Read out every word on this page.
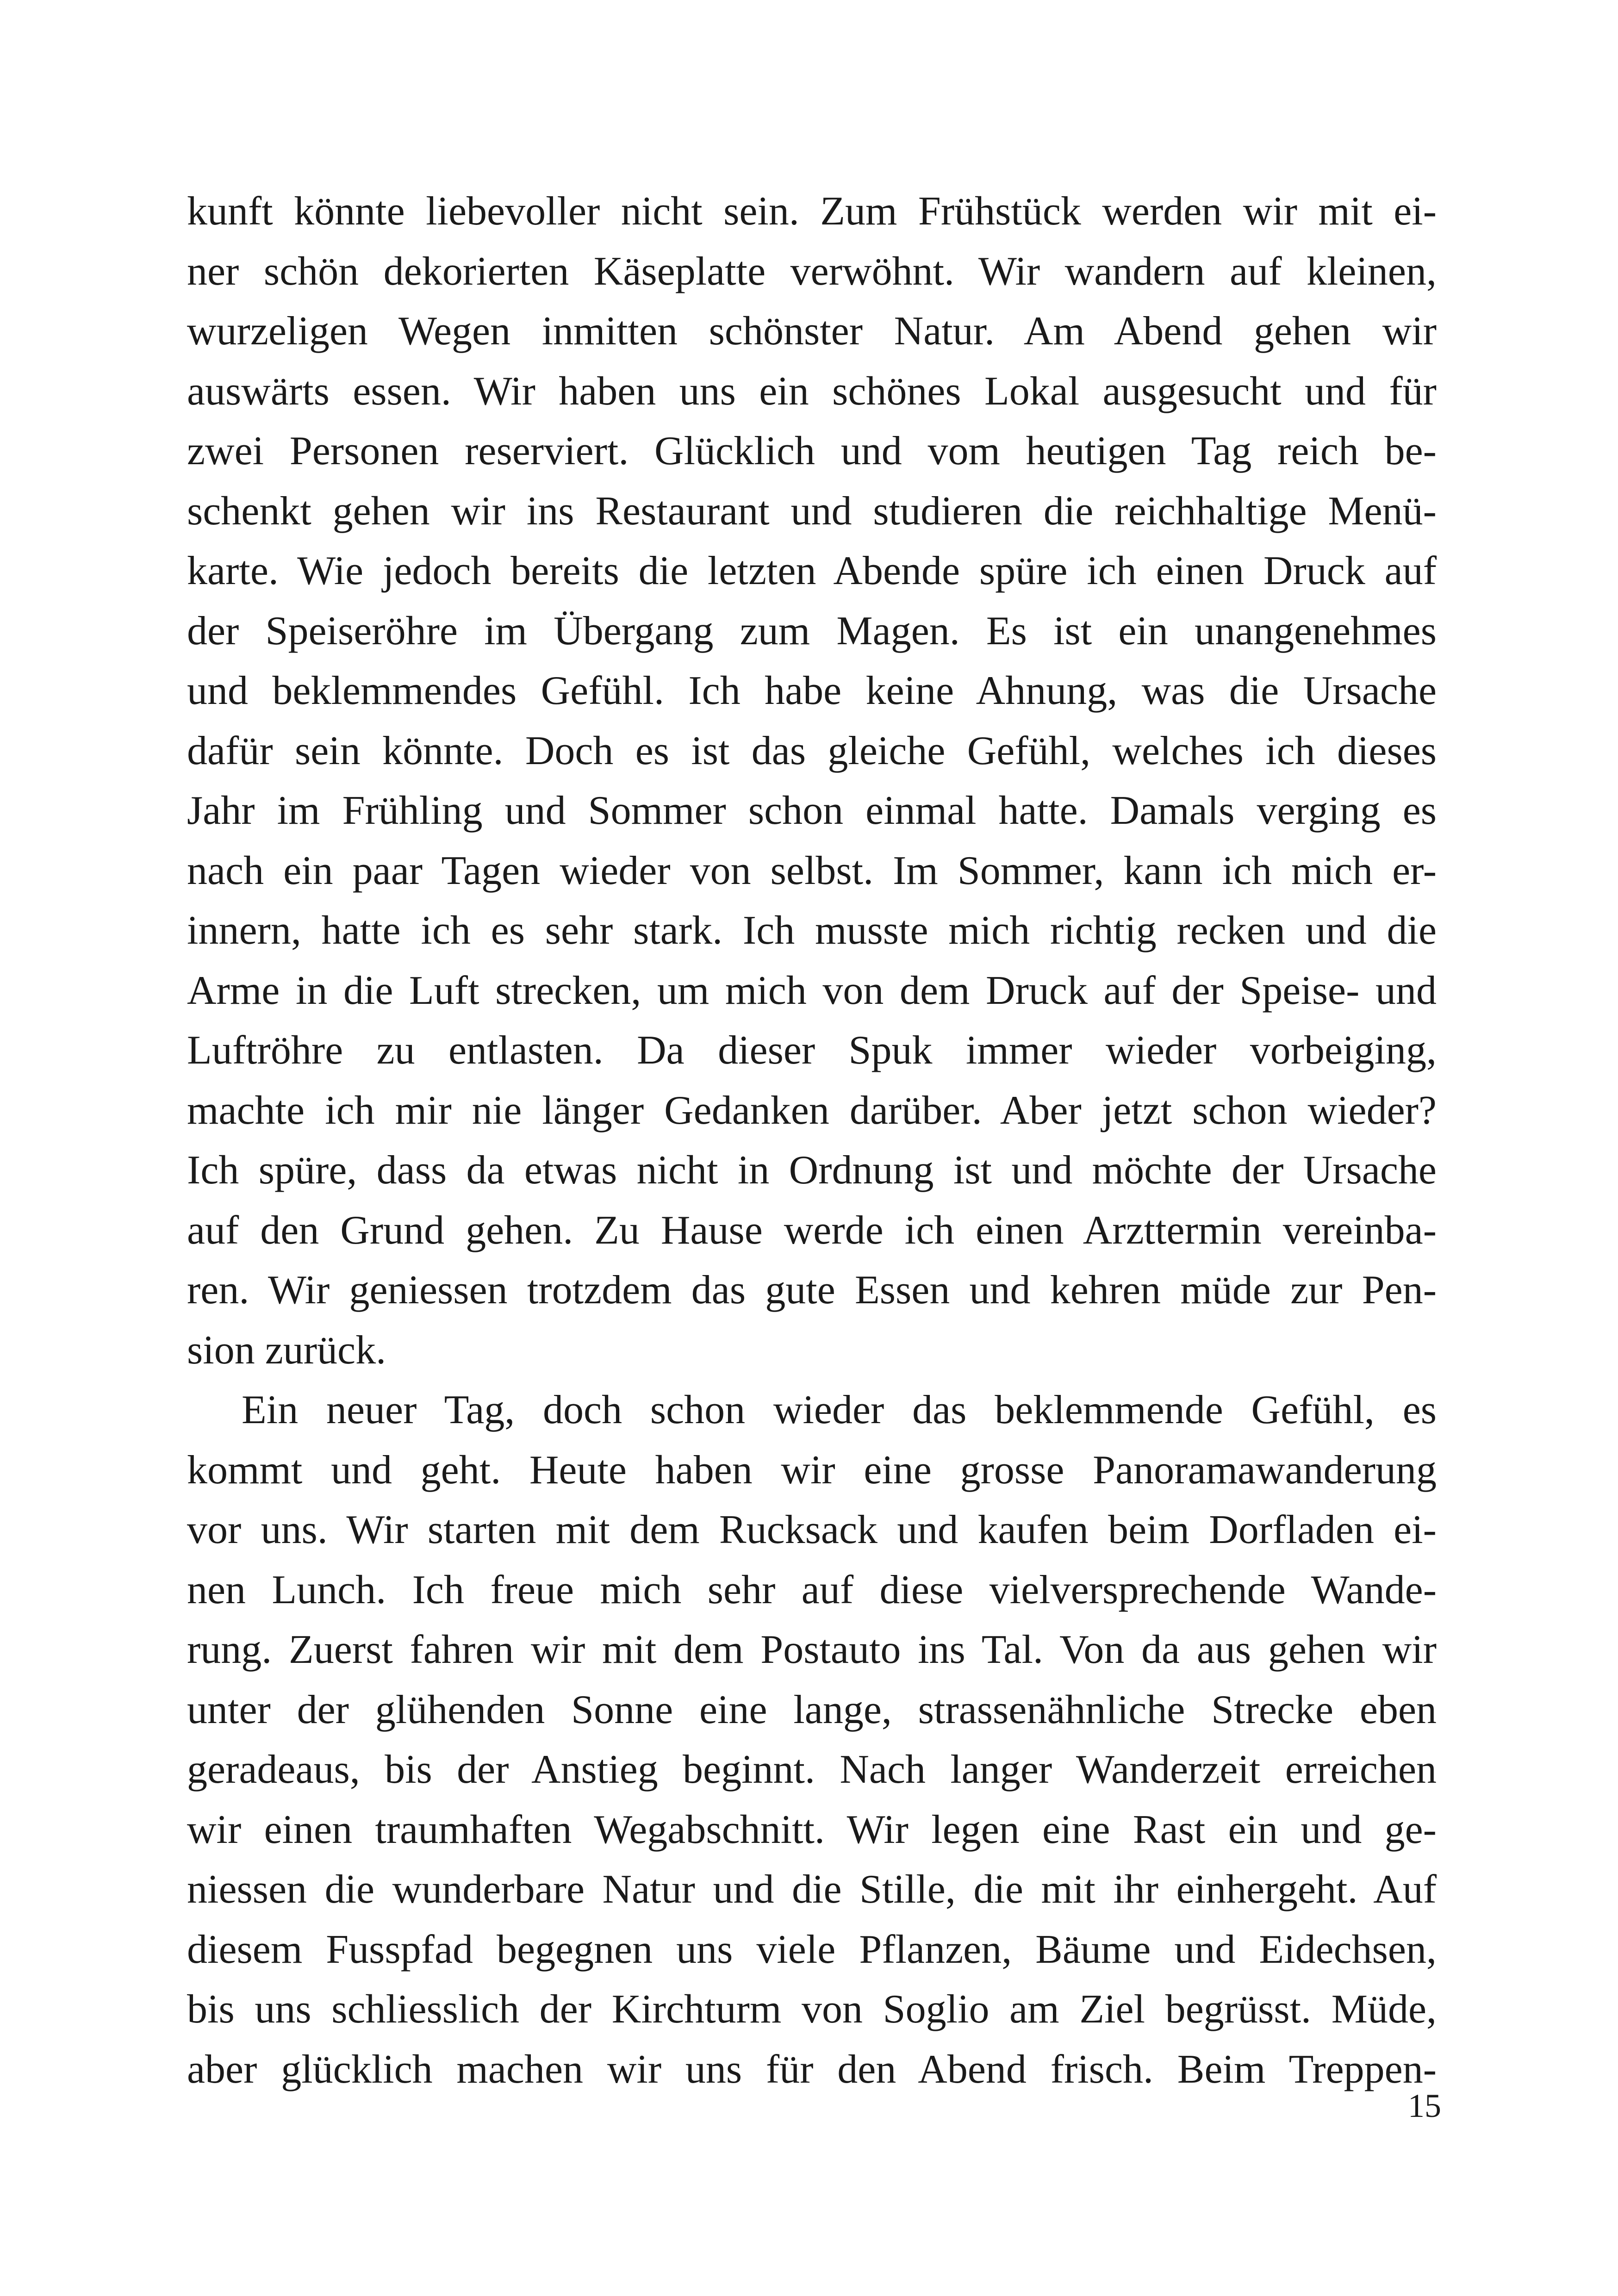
kunft könnte liebevoller nicht sein. Zum Frühstück werden wir mit ei-
ner schön dekorierten Käseplatte verwöhnt. Wir wandern auf kleinen,
wurzeligen Wegen inmitten schönster Natur. Am Abend gehen wir
auswärts essen. Wir haben uns ein schönes Lokal ausgesucht und für
zwei Personen reserviert. Glücklich und vom heutigen Tag reich be-
schenkt gehen wir ins Restaurant und studieren die reichhaltige Menü-
karte. Wie jedoch bereits die letzten Abende spüre ich einen Druck auf
der Speiseröhre im Übergang zum Magen. Es ist ein unangenehmes
und beklemmendes Gefühl. Ich habe keine Ahnung, was die Ursache
dafür sein könnte. Doch es ist das gleiche Gefühl, welches ich dieses
Jahr im Frühling und Sommer schon einmal hatte. Damals verging es
nach ein paar Tagen wieder von selbst. Im Sommer, kann ich mich er-
innern, hatte ich es sehr stark. Ich musste mich richtig recken und die
Arme in die Luft strecken, um mich von dem Druck auf der Speise- und
Luftröhre zu entlasten. Da dieser Spuk immer wieder vorbeiging,
machte ich mir nie länger Gedanken darüber. Aber jetzt schon wieder?
Ich spüre, dass da etwas nicht in Ordnung ist und möchte der Ursache
auf den Grund gehen. Zu Hause werde ich einen Arzttermin vereinba-
ren. Wir geniessen trotzdem das gute Essen und kehren müde zur Pen-
sion zurück.
Ein neuer Tag, doch schon wieder das beklemmende Gefühl, es
kommt und geht. Heute haben wir eine grosse Panoramawanderung
vor uns. Wir starten mit dem Rucksack und kaufen beim Dorfladen ei-
nen Lunch. Ich freue mich sehr auf diese vielversprechende Wande-
rung. Zuerst fahren wir mit dem Postauto ins Tal. Von da aus gehen wir
unter der glühenden Sonne eine lange, strassenähnliche Strecke eben
geradeaus, bis der Anstieg beginnt. Nach langer Wanderzeit erreichen
wir einen traumhaften Wegabschnitt. Wir legen eine Rast ein und ge-
niessen die wunderbare Natur und die Stille, die mit ihr einhergeht. Auf
diesem Fusspfad begegnen uns viele Pflanzen, Bäume und Eidechsen,
bis uns schliesslich der Kirchturm von Soglio am Ziel begrüsst. Müde,
aber glücklich machen wir uns für den Abend frisch. Beim Treppen-
15
